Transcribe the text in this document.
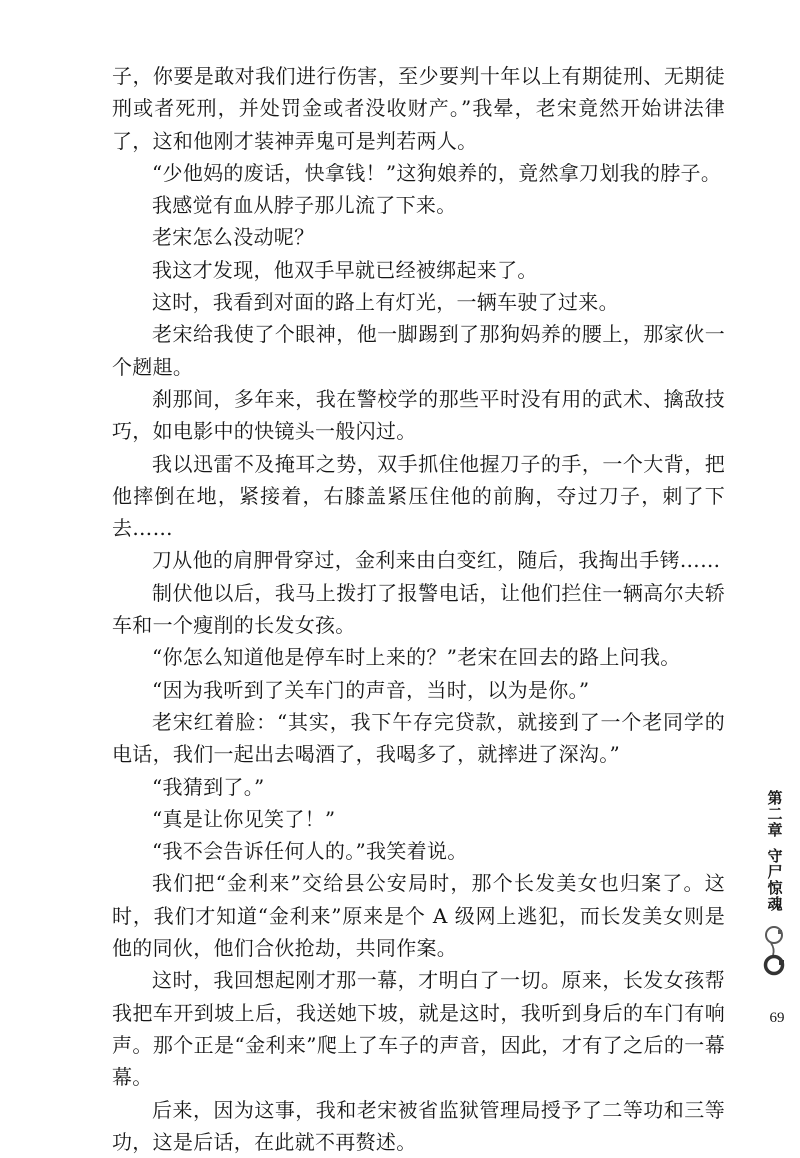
子，你要是敢对我们进行伤害，至少要判十年以上有期徒刑、无期徒刑或者死刑，并处罚金或者没收财产。”我晕，老宋竟然开始讲法律了，这和他刚才装神弄鬼可是判若两人。

“少他妈的废话，快拿钱！”这狗娘养的，竟然拿刀划我的脖子。

我感觉有血从脖子那儿流了下来。

老宋怎么没动呢？

我这才发现，他双手早就已经被绑起来了。

这时，我看到对面的路上有灯光，一辆车驶了过来。

老宋给我使了个眼神，他一脚踢到了那狗妈养的腰上，那家伙一个趔趄。

刹那间，多年来，我在警校学的那些平时没有用的武术、擒敌技巧，如电影中的快镜头一般闪过。

我以迅雷不及掩耳之势，双手抓住他握刀子的手，一个大背，把他摔倒在地，紧接着，右膝盖紧压住他的前胸，夺过刀子，刺了下去……

刀从他的肩胛骨穿过，金利来由白变红，随后，我掏出手铐……

制伏他以后，我马上拨打了报警电话，让他们拦住一辆高尔夫轿车和一个瘦削的长发女孩。

“你怎么知道他是停车时上来的？”老宋在回去的路上问我。

“因为我听到了关车门的声音，当时，以为是你。”

老宋红着脸：“其实，我下午存完贷款，就接到了一个老同学的电话，我们一起出去喝酒了，我喝多了，就摔进了深沟。”

“我猜到了。”

“真是让你见笑了！”

“我不会告诉任何人的。”我笑着说。

我们把“金利来”交给县公安局时，那个长发美女也归案了。这时，我们才知道“金利来”原来是个 A 级网上逃犯，而长发美女则是他的同伙，他们合伙抢劫，共同作案。

这时，我回想起刚才那一幕，才明白了一切。原来，长发女孩帮我把车开到坡上后，我送她下坡，就是这时，我听到身后的车门有响声。那个正是“金利来”爬上了车子的声音，因此，才有了之后的一幕幕。

后来，因为这事，我和老宋被省监狱管理局授予了二等功和三等功，这是后话，在此就不再赘述。

第二章
守尸惊魂
69
